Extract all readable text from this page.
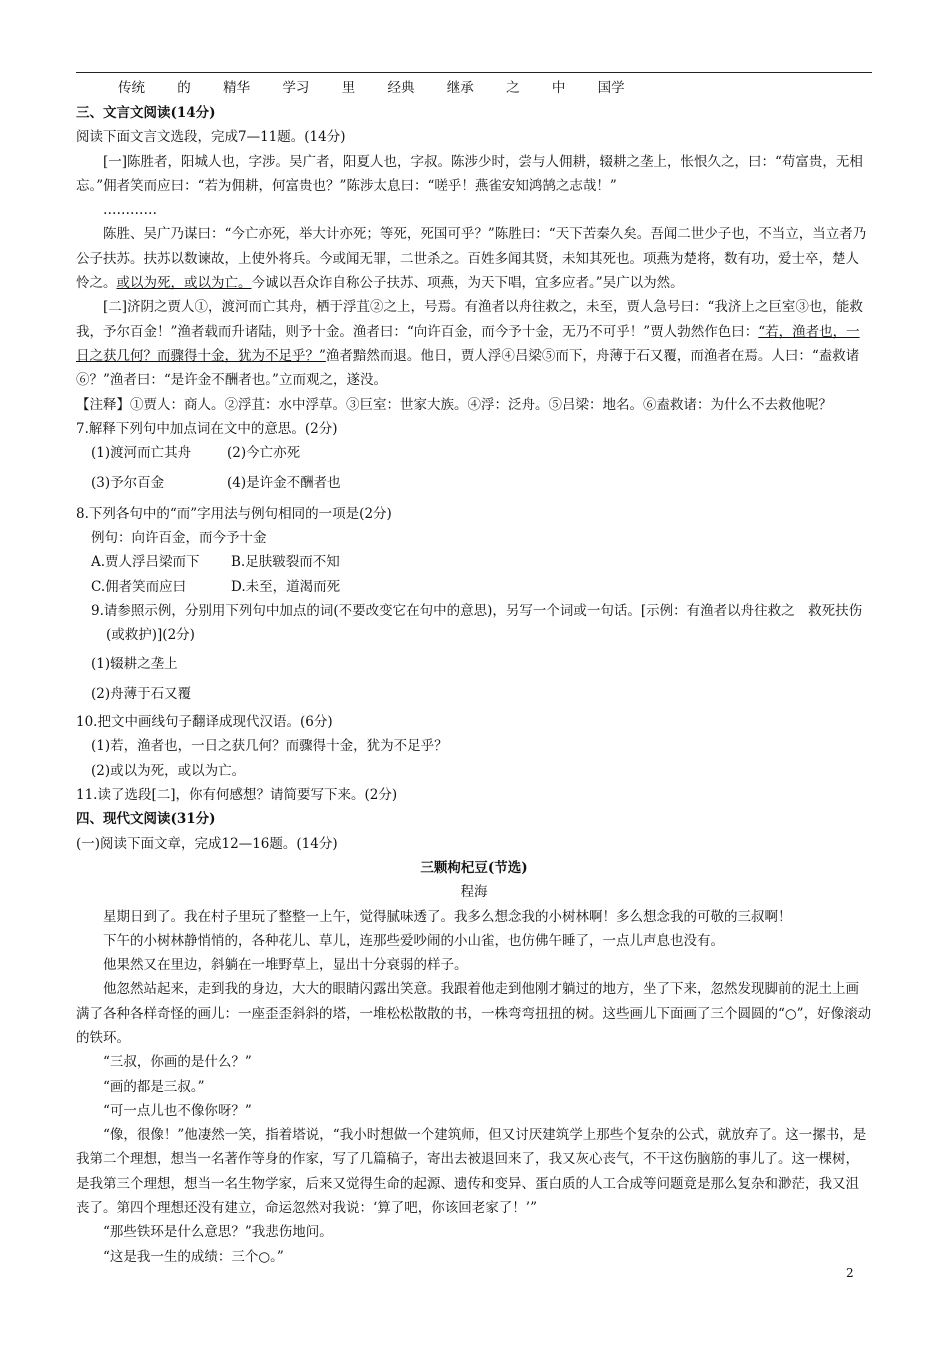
传统 的 精华 学习 里 经典 继承 之 中 国学

三、文言文阅读(14分)

阅读下面文言文选段，完成7—11题。(14分)

[一]陈胜者，阳城人也，字涉。吴广者，阳夏人也，字叔。陈涉少时，尝与人佣耕，辍耕之垄上，怅恨久之，曰：“苟富贵，无相忘。”佣者笑而应曰：“若为佣耕，何富贵也？”陈涉太息曰：“嗟乎！燕雀安知鸿鹄之志哉！”

…………

陈胜、吴广乃谋曰：“今亡亦死，举大计亦死；等死，死国可乎？”陈胜曰：“天下苦秦久矣。吾闻二世少子也，不当立，当立者乃公子扶苏。扶苏以数谏故，上使外将兵。今或闻无罪，二世杀之。百姓多闻其贤，未知其死也。项燕为楚将，数有功，爱士卒，楚人怜之。或以为死，或以为亡。今诚以吾众诈自称公子扶苏、项燕，为天下唱，宜多应者。”吴广以为然。

[二]济阴之贾人①，渡河而亡其舟，栖于浮苴②之上，号焉。有渔者以舟往救之，未至，贾人急号曰：“我济上之巨室③也，能救我，予尔百金！”渔者载而升诸陆，则予十金。渔者曰：“向许百金，而今予十金，无乃不可乎！”贾人勃然作色曰：“若，渔者也，一日之获几何？而骤得十金，犹为不足乎？”渔者黯然而退。他日，贾人浮④吕梁⑤而下，舟薄于石又覆，而渔者在焉。人曰：“盍救诸⑥？”渔者曰：“是许金不酬者也。”立而观之，遂没。

【注释】①贾人：商人。②浮苴：水中浮草。③巨室：世家大族。④浮：泛舟。⑤吕梁：地名。⑥盍救诸：为什么不去救他呢？

7.解释下列句中加点词在文中的意思。(2分)

(1)渡河而亡其舟	(2)今亡亦死
(3)予尔百金	(4)是许金不酬者也

8.下列各句中的“而”字用法与例句相同的一项是(2分)

例句：向许百金，而今予十金

A.贾人浮吕梁而下 B.足肤皲裂而不知
C.佣者笑而应曰	D.未至，道渴而死

9.请参照示例，分别用下列句中加点的词(不要改变它在句中的意思)，另写一个词或一句话。[示例：有渔者以舟往救之　救死扶伤(或救护)](2分)

(1)辍耕之垄上

(2)舟薄于石又覆

10.把文中画线句子翻译成现代汉语。(6分)

(1)若，渔者也，一日之获几何？而骤得十金，犹为不足乎？

(2)或以为死，或以为亡。

11.读了选段[二]，你有何感想？请简要写下来。(2分)

四、现代文阅读(31分)

(一)阅读下面文章，完成12—16题。(14分)

三颗枸杞豆(节选)

程海

星期日到了。我在村子里玩了整整一上午，觉得腻味透了。我多么想念我的小树林啊！多么想念我的可敬的三叔啊！

下午的小树林静悄悄的，各种花儿、草儿，连那些爱吵闹的小山雀，也仿佛午睡了，一点儿声息也没有。

他果然又在里边，斜躺在一堆野草上，显出十分衰弱的样子。

他忽然站起来，走到我的身边，大大的眼睛闪露出笑意。我跟着他走到他刚才躺过的地方，坐了下来，忽然发现脚前的泥土上画满了各种各样奇怪的画儿：一座歪歪斜斜的塔，一堆松松散散的书，一株弯弯扭扭的树。这些画儿下面画了三个圆圆的“○”，好像滚动的铁环。

“三叔，你画的是什么？”

“画的都是三叔。”

“可一点儿也不像你呀？”

“像，很像！”他凄然一笑，指着塔说，“我小时想做一个建筑师，但又讨厌建筑学上那些个复杂的公式，就放弃了。这一摞书，是我第二个理想，想当一名著作等身的作家，写了几篇稿子，寄出去被退回来了，我又灰心丧气，不干这伤脑筋的事儿了。这一棵树，是我第三个理想，想当一名生物学家，后来又觉得生命的起源、遗传和变异、蛋白质的人工合成等问题竟是那么复杂和渺茫，我又沮丧了。第四个理想还没有建立，命运忽然对我说：‘算了吧，你该回老家了！’”

“那些铁环是什么意思？”我悲伤地问。

“这是我一生的成绩：三个○。”

2
